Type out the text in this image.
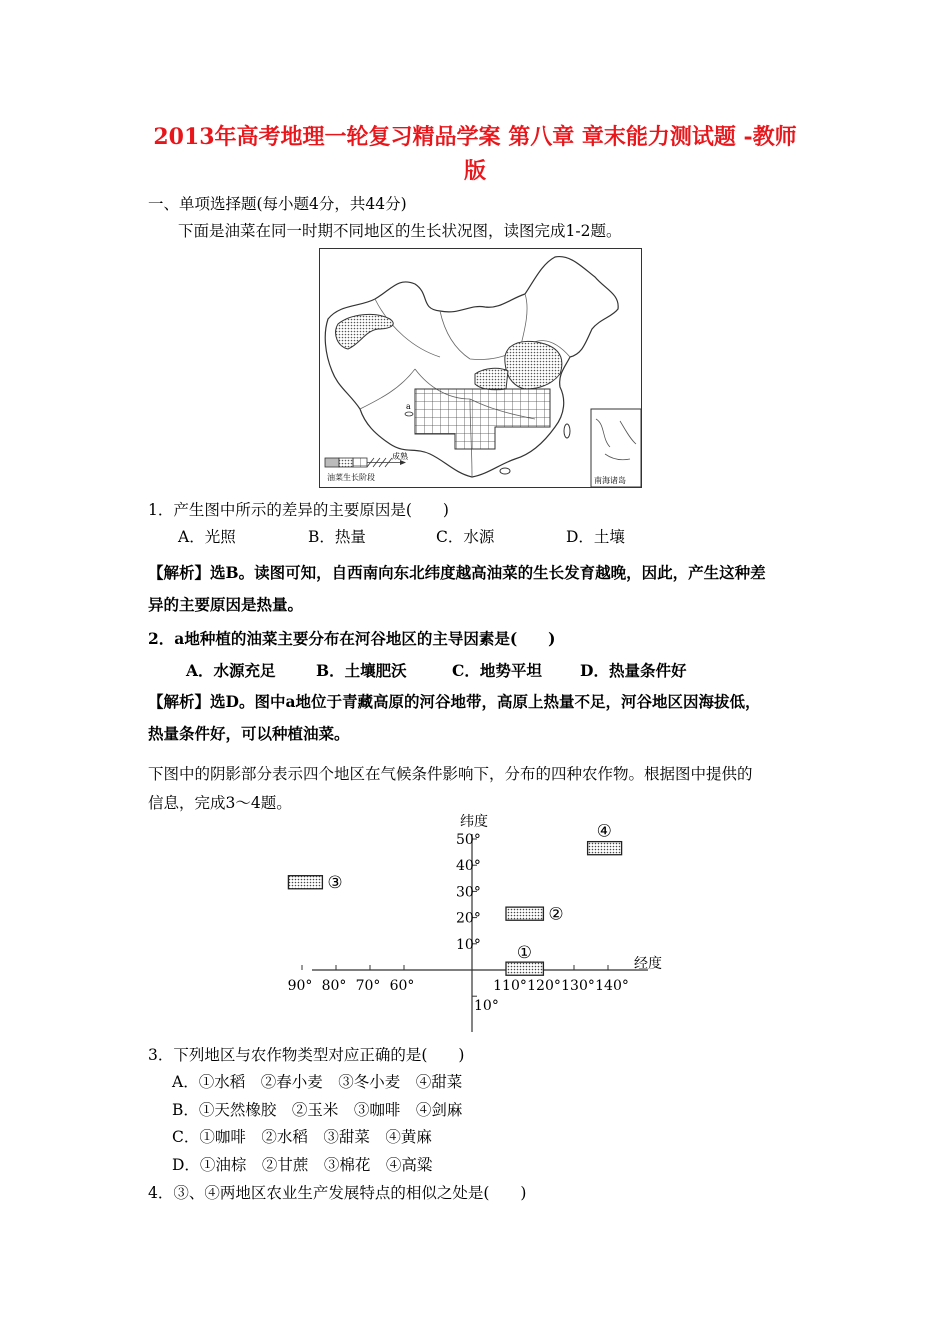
2013年高考地理一轮复习精品学案 第八章 章末能力测试题 -教师
版
一、单项选择题(每小题4分，共44分)
下面是油菜在同一时期不同地区的生长状况图，读图完成1-2题。
a
成熟
油菜生长阶段	南海诸岛
1．产生图中所示的差异的主要原因是(　　)
A．光照	B．热量	C．水源	D．土壤
【解析】选B。读图可知，自西南向东北纬度越高油菜的生长发育越晚，因此，产生这种差
异的主要原因是热量。
2．a地种植的油菜主要分布在河谷地区的主导因素是(　　)
A．水源充足	B．土壤肥沃	C．地势平坦 D．热量条件好
【解析】选D。图中a地位于青藏高原的河谷地带，高原上热量不足，河谷地区因海拔低，
热量条件好，可以种植油菜。
下图中的阴影部分表示四个地区在气候条件影响下，分布的四种农作物。根据图中提供的
信息，完成3～4题。
纬度
经度
50°
40°
30°
20°
10°
10°
90° 80° 70° 60°	110° 120° 130° 140°
①
②
③
④
3．下列地区与农作物类型对应正确的是(　　)
A．①水稻　②春小麦　③冬小麦　④甜菜
B．①天然橡胶　②玉米　③咖啡　④剑麻
C．①咖啡　②水稻　③甜菜　④黄麻
D．①油棕　②甘蔗　③棉花　④高粱
4．③、④两地区农业生产发展特点的相似之处是(　　)
